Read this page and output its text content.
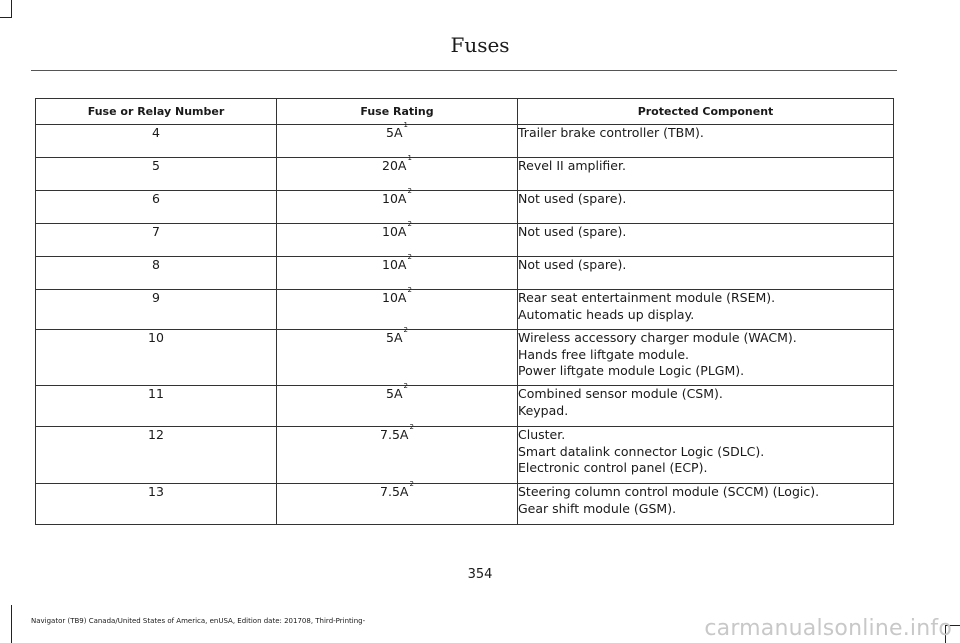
Fuses
Fuse or Relay Number	Fuse Rating	Protected Component
4	$5A^1$	Trailer brake controller (TBM).

5	$20A^1$	Revel II amplifier.

6	$10A^2$	Not used (spare).

7	$10A^2$	Not used (spare).

8	$10A^2$	Not used (spare).

9	$10A^2$	Rear seat entertainment module (RSEM).
Automatic heads up display.

10	$5A^2$	Wireless accessory charger module (WACM).
Hands free liftgate module.
Power liftgate module Logic (PLGM).

11	$5A^2$	Combined sensor module (CSM).
Keypad.

12	$7.5A^2$	Cluster.
Smart datalink connector Logic (SDLC).
Electronic control panel (ECP).

13	$7.5A^2$	Steering column control module (SCCM) (Logic).
Gear shift module (GSM).
354
Navigator (TB9) Canada/United States of America, enUSA, Edition date: 201708, Third-Printing-	carmanualsonline.info
